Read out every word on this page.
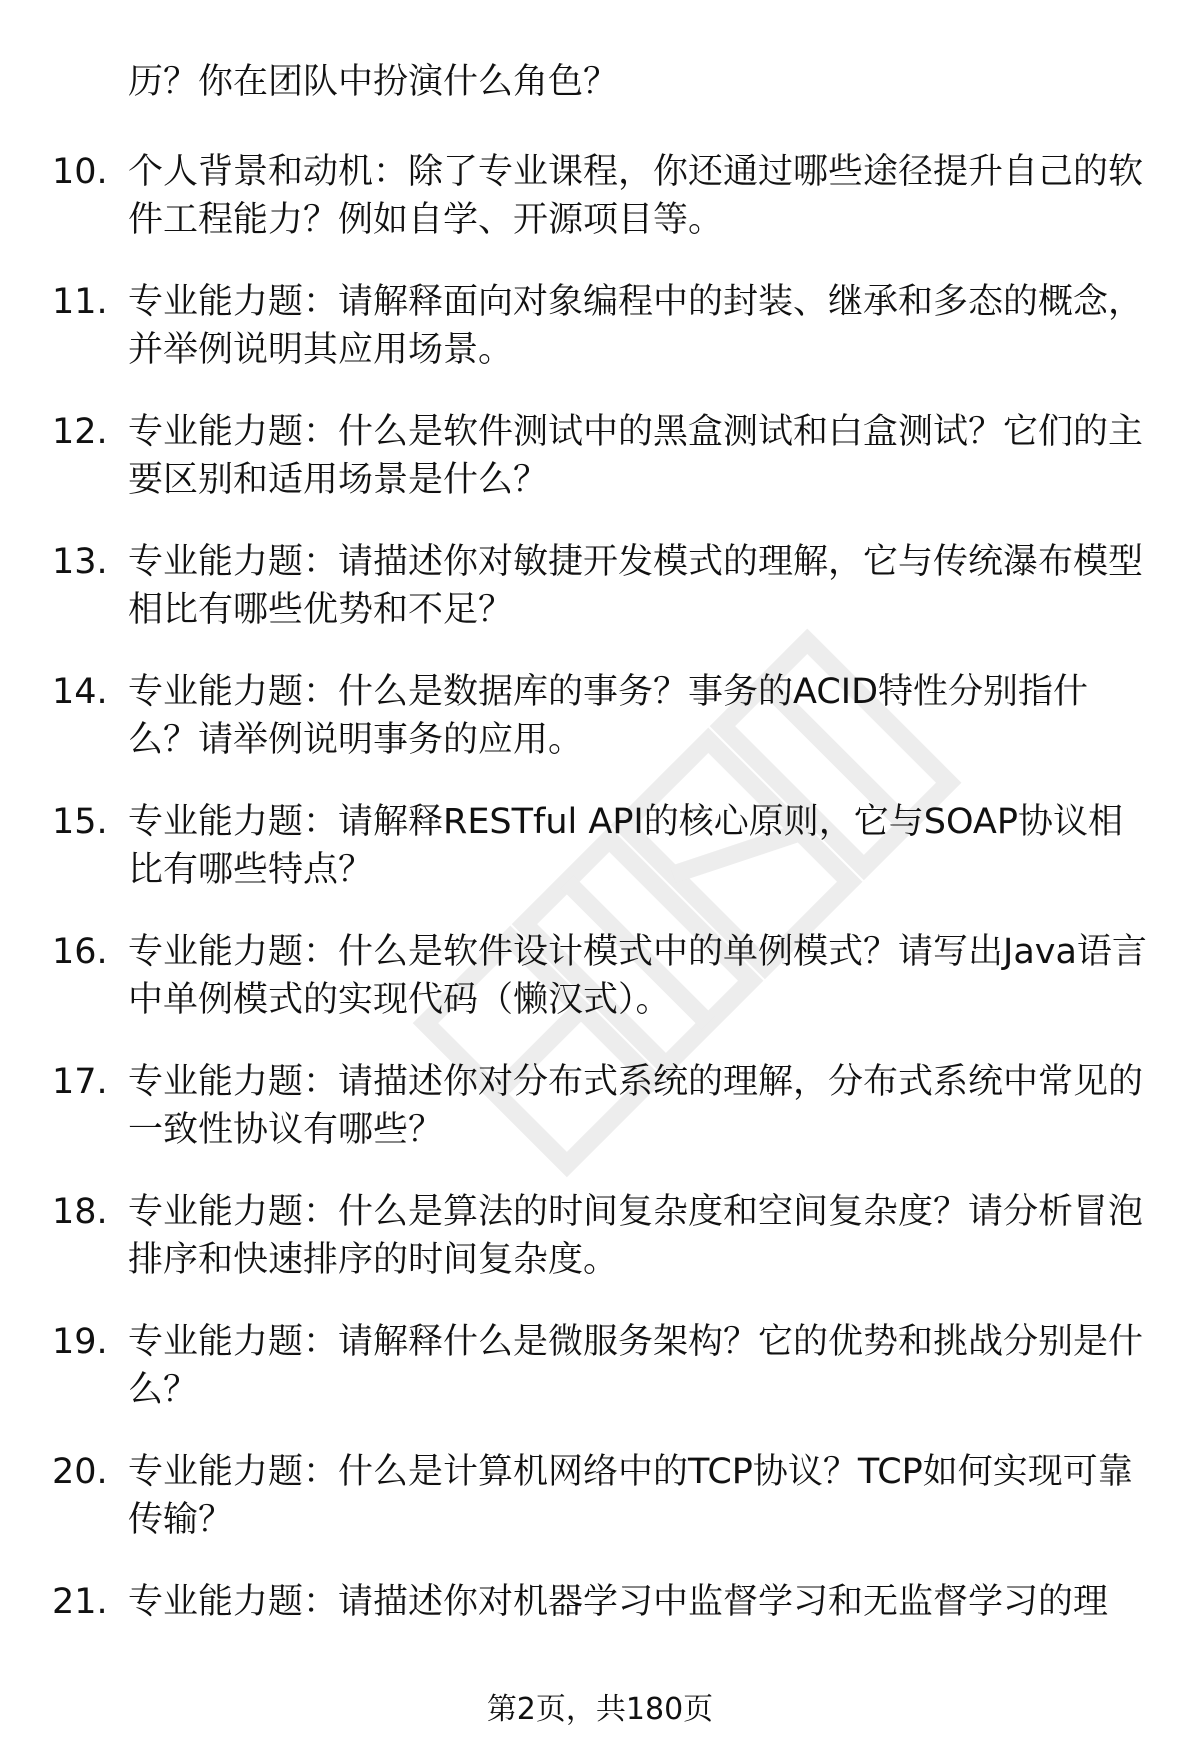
历？你在团队中扮演什么角色？

10. 个人背景和动机：除了专业课程，你还通过哪些途径提升自己的软件工程能力？例如自学、开源项目等。

11. 专业能力题：请解释面向对象编程中的封装、继承和多态的概念，并举例说明其应用场景。

12. 专业能力题：什么是软件测试中的黑盒测试和白盒测试？它们的主要区别和适用场景是什么？

13. 专业能力题：请描述你对敏捷开发模式的理解，它与传统瀑布模型相比有哪些优势和不足？

14. 专业能力题：什么是数据库的事务？事务的ACID特性分别指什么？请举例说明事务的应用。

15. 专业能力题：请解释RESTful API的核心原则，它与SOAP协议相比有哪些特点？

16. 专业能力题：什么是软件设计模式中的单例模式？请写出Java语言中单例模式的实现代码（懒汉式）。

17. 专业能力题：请描述你对分布式系统的理解，分布式系统中常见的一致性协议有哪些？

18. 专业能力题：什么是算法的时间复杂度和空间复杂度？请分析冒泡排序和快速排序的时间复杂度。

19. 专业能力题：请解释什么是微服务架构？它的优势和挑战分别是什么？

20. 专业能力题：什么是计算机网络中的TCP协议？TCP如何实现可靠传输？

21. 专业能力题：请描述你对机器学习中监督学习和无监督学习的理

第2页，共180页
